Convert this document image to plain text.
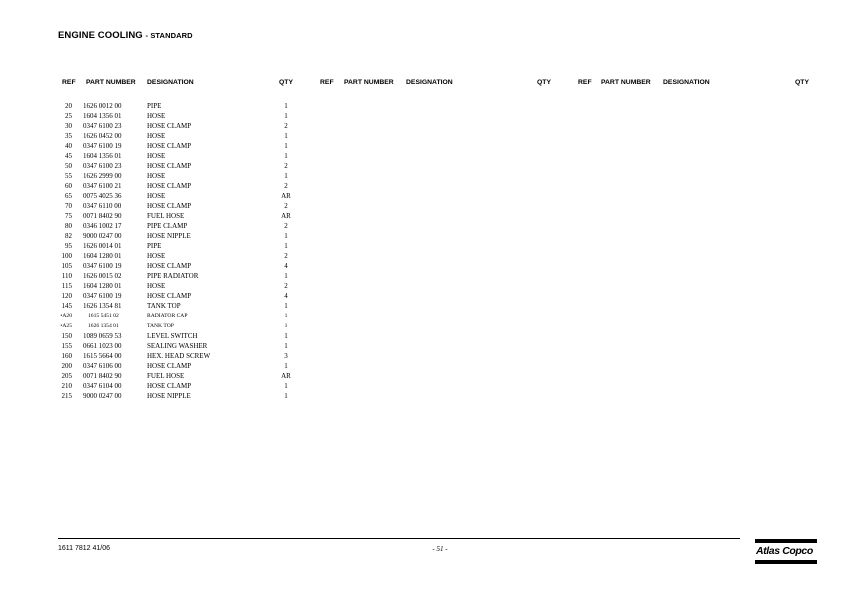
ENGINE COOLING - STANDARD
REF PART NUMBER DESIGNATION	QTY	REF PART NUMBER DESIGNATION	QTY	REF PART NUMBER DESIGNATION	QTY
20 1626 0012 00	PIPE	1
25 1604 1356 01	HOSE	1
30 0347 6100 23	HOSE CLAMP	2
35 1626 0452 00	HOSE	1
40 0347 6100 19	HOSE CLAMP	1
45 1604 1356 01	HOSE	1
50 0347 6100 23	HOSE CLAMP	2
55 1626 2999 00	HOSE	1
60 0347 6100 21	HOSE CLAMP	2
65 0075 4025 36	HOSE	AR
70 0347 6110 00	HOSE CLAMP	2
75 0071 8402 90	FUEL HOSE	AR
80 0346 1002 17	PIPE CLAMP	2
82 9000 0247 00	HOSE NIPPLE	1
95 1626 0014 01	PIPE	1
100 1604 1280 01	HOSE	2
105 0347 6100 19	HOSE CLAMP	4
110 1626 0015 02	PIPE RADIATOR	1
115 1604 1280 01	HOSE	2
120 0347 6100 19	HOSE CLAMP	4
145 1626 1354 81	TANK TOP	1
•A20	1615 5451 02	RADIATOR CAP	1
•A25	1626 1354 01	TANK TOP	1
150 1089 0659 53	LEVEL SWITCH	1
155 0661 1023 00	SEALING WASHER	1
160 1615 5664 00	HEX. HEAD SCREW	3
200 0347 6106 00	HOSE CLAMP	1
205 0071 8402 90	FUEL HOSE	AR
210 0347 6104 00	HOSE CLAMP	1
215 9000 0247 00	HOSE NIPPLE	1
1611 7812 41/06	- 51 -	Atlas Copco
